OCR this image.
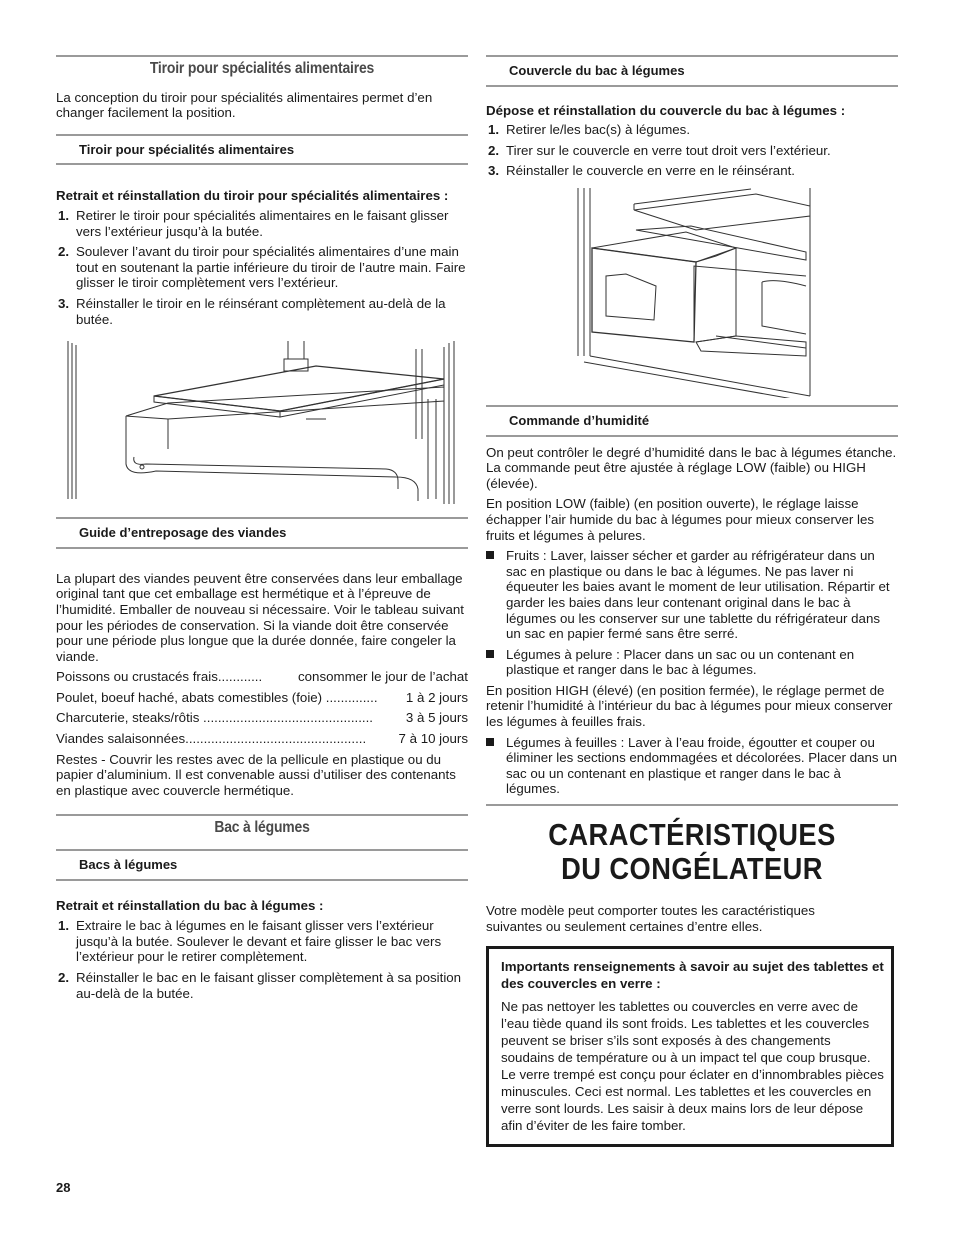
Tiroir pour spécialités alimentaires

La conception du tiroir pour spécialités alimentaires permet d’en changer facilement la position.

Tiroir pour spécialités alimentaires

Retrait et réinstallation du tiroir pour spécialités alimentaires :

1. Retirer le tiroir pour spécialités alimentaires en le faisant glisser vers l’extérieur jusqu’à la butée.
2. Soulever l’avant du tiroir pour spécialités alimentaires d’une main tout en soutenant la partie inférieure du tiroir de l’autre main. Faire glisser le tiroir complètement vers l’extérieur.
3. Réinstaller le tiroir en le réinsérant complètement au-delà de la butée.
Guide d’entreposage des viandes

La plupart des viandes peuvent être conservées dans leur emballage original tant que cet emballage est hermétique et à l’épreuve de l’humidité. Emballer de nouveau si nécessaire. Voir le tableau suivant pour les périodes de conservation. Si la viande doit être conservée pour une période plus longue que la durée donnée, faire congeler la viande.

Poissons ou crustacés frais............	consommer le jour de l’achat
Poulet, boeuf haché, abats comestibles (foie) .............. 1 à 2 jours
Charcuterie, steaks/rôtis .............................................. 3 à 5 jours
Viandes salaisonnées................................................. 7 à 10 jours

Restes - Couvrir les restes avec de la pellicule en plastique ou du papier d’aluminium. Il est convenable aussi d’utiliser des contenants en plastique avec couvercle hermétique.

Bac à légumes
Bacs à légumes

Retrait et réinstallation du bac à légumes :

1. Extraire le bac à légumes en le faisant glisser vers l’extérieur jusqu’à la butée. Soulever le devant et faire glisser le bac vers l’extérieur pour le retirer complètement.
2. Réinstaller le bac en le faisant glisser complètement à sa position au-delà de la butée.
Couvercle du bac à légumes

Dépose et réinstallation du couvercle du bac à légumes :

1. Retirer le/les bac(s) à légumes.
2. Tirer sur le couvercle en verre tout droit vers l’extérieur.
3. Réinstaller le couvercle en verre en le réinsérant.
Commande d’humidité

On peut contrôler le degré d’humidité dans le bac à légumes étanche. La commande peut être ajustée à réglage LOW (faible) ou HIGH (élevée).

En position LOW (faible) (en position ouverte), le réglage laisse échapper l’air humide du bac à légumes pour mieux conserver les fruits et légumes à pelures.

Fruits : Laver, laisser sécher et garder au réfrigérateur dans un sac en plastique ou dans le bac à légumes. Ne pas laver ni équeuter les baies avant le moment de leur utilisation. Répartir et garder les baies dans leur contenant original dans le bac à légumes ou les conserver sur une tablette du réfrigérateur dans un sac en papier fermé sans être serré.
Légumes à pelure : Placer dans un sac ou un contenant en plastique et ranger dans le bac à légumes.

En position HIGH (élevé) (en position fermée), le réglage permet de retenir l’humidité à l’intérieur du bac à légumes pour mieux conserver les légumes à feuilles frais.

Légumes à feuilles : Laver à l’eau froide, égoutter et couper ou éliminer les sections endommagées et décolorées. Placer dans un sac ou un contenant en plastique et ranger dans le bac à légumes.
CARACTÉRISTIQUES
DU CONGÉLATEUR

Votre modèle peut comporter toutes les caractéristiques suivantes ou seulement certaines d’entre elles.

Importants renseignements à savoir au sujet des tablettes et des couvercles en verre :

Ne pas nettoyer les tablettes ou couvercles en verre avec de l’eau tiède quand ils sont froids. Les tablettes et les couvercles peuvent se briser s’ils sont exposés à des changements soudains de température ou à un impact tel que coup brusque. Le verre trempé est conçu pour éclater en d’innombrables pièces minuscules. Ceci est normal. Les tablettes et les couvercles en verre sont lourds. Les saisir à deux mains lors de leur dépose afin d’éviter de les faire tomber.

28
